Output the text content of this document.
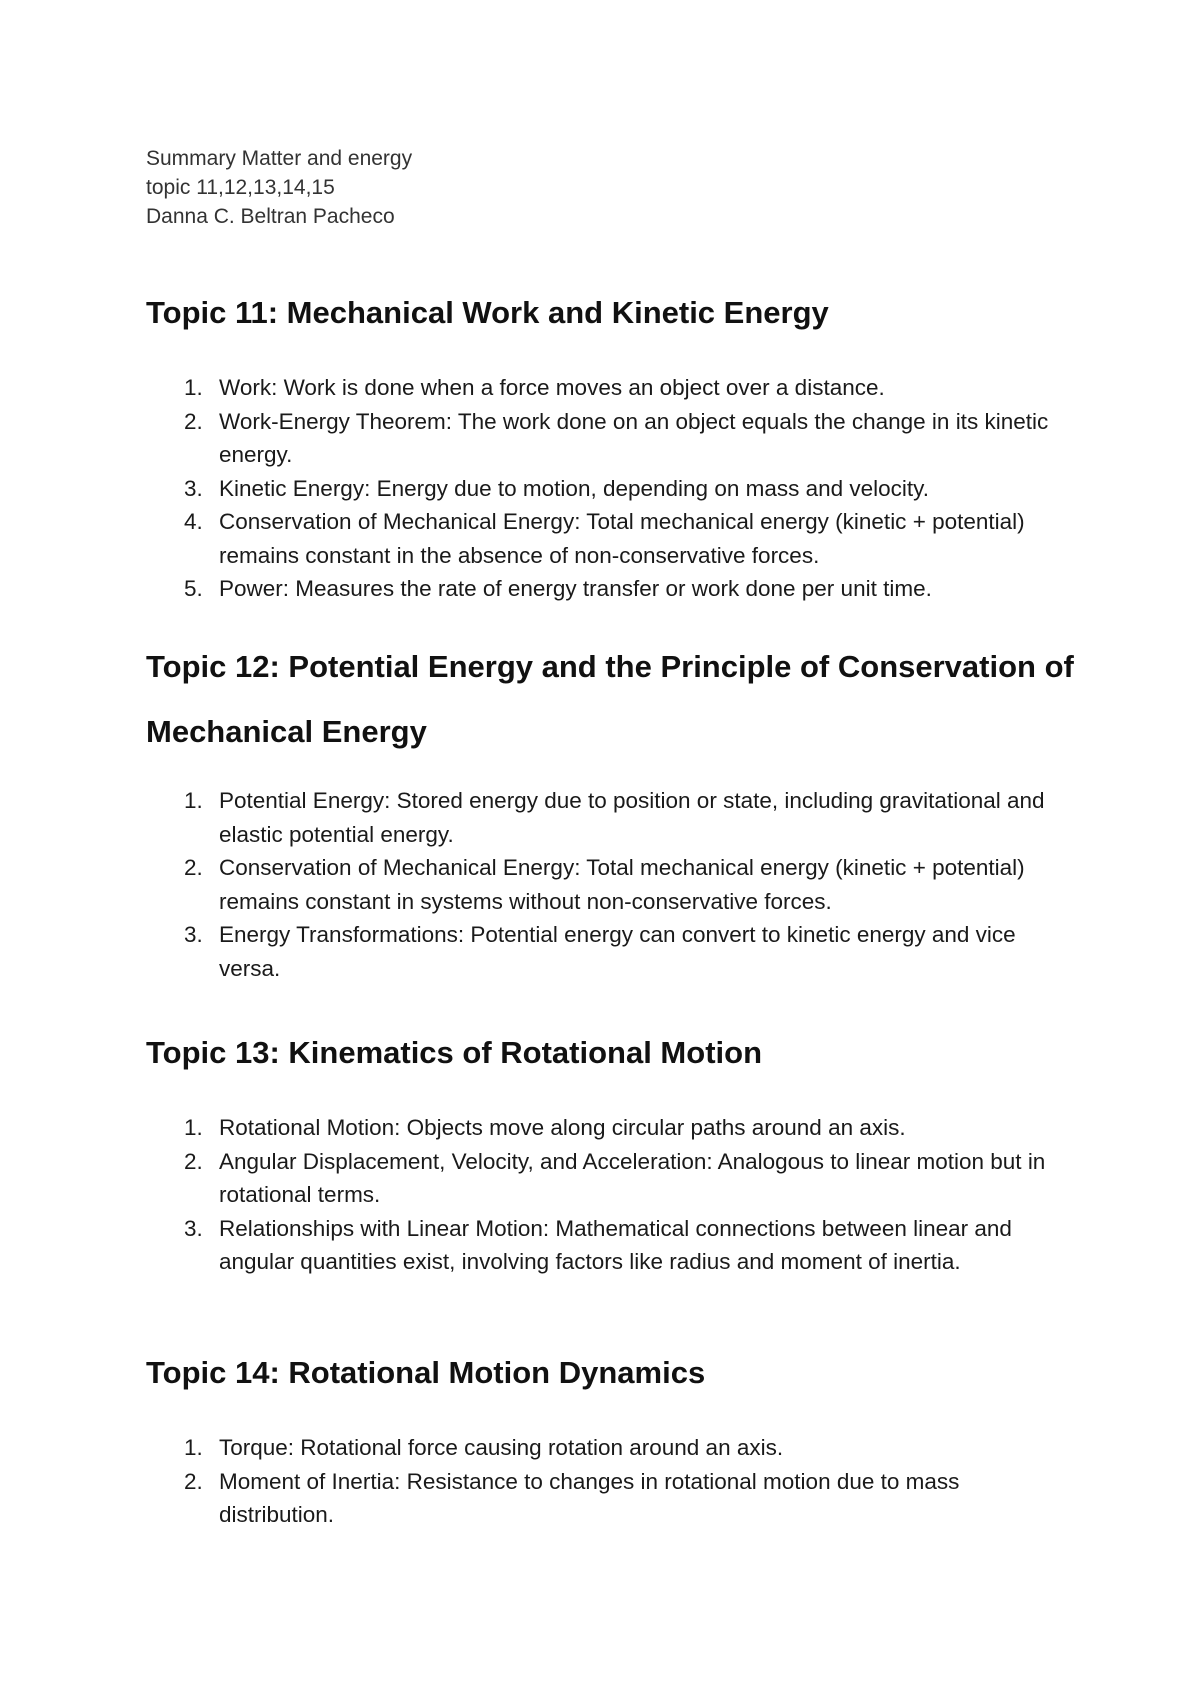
Summary Matter and energy
topic 11,12,13,14,15
Danna C. Beltran Pacheco
Topic 11: Mechanical Work and Kinetic Energy
1. Work: Work is done when a force moves an object over a distance.
2. Work-Energy Theorem: The work done on an object equals the change in its kinetic energy.
3. Kinetic Energy: Energy due to motion, depending on mass and velocity.
4. Conservation of Mechanical Energy: Total mechanical energy (kinetic + potential) remains constant in the absence of non-conservative forces.
5. Power: Measures the rate of energy transfer or work done per unit time.
Topic 12: Potential Energy and the Principle of Conservation of Mechanical Energy
1. Potential Energy: Stored energy due to position or state, including gravitational and elastic potential energy.
2. Conservation of Mechanical Energy: Total mechanical energy (kinetic + potential) remains constant in systems without non-conservative forces.
3. Energy Transformations: Potential energy can convert to kinetic energy and vice versa.
Topic 13: Kinematics of Rotational Motion
1. Rotational Motion: Objects move along circular paths around an axis.
2. Angular Displacement, Velocity, and Acceleration: Analogous to linear motion but in rotational terms.
3. Relationships with Linear Motion: Mathematical connections between linear and angular quantities exist, involving factors like radius and moment of inertia.
Topic 14: Rotational Motion Dynamics
1. Torque: Rotational force causing rotation around an axis.
2. Moment of Inertia: Resistance to changes in rotational motion due to mass distribution.
